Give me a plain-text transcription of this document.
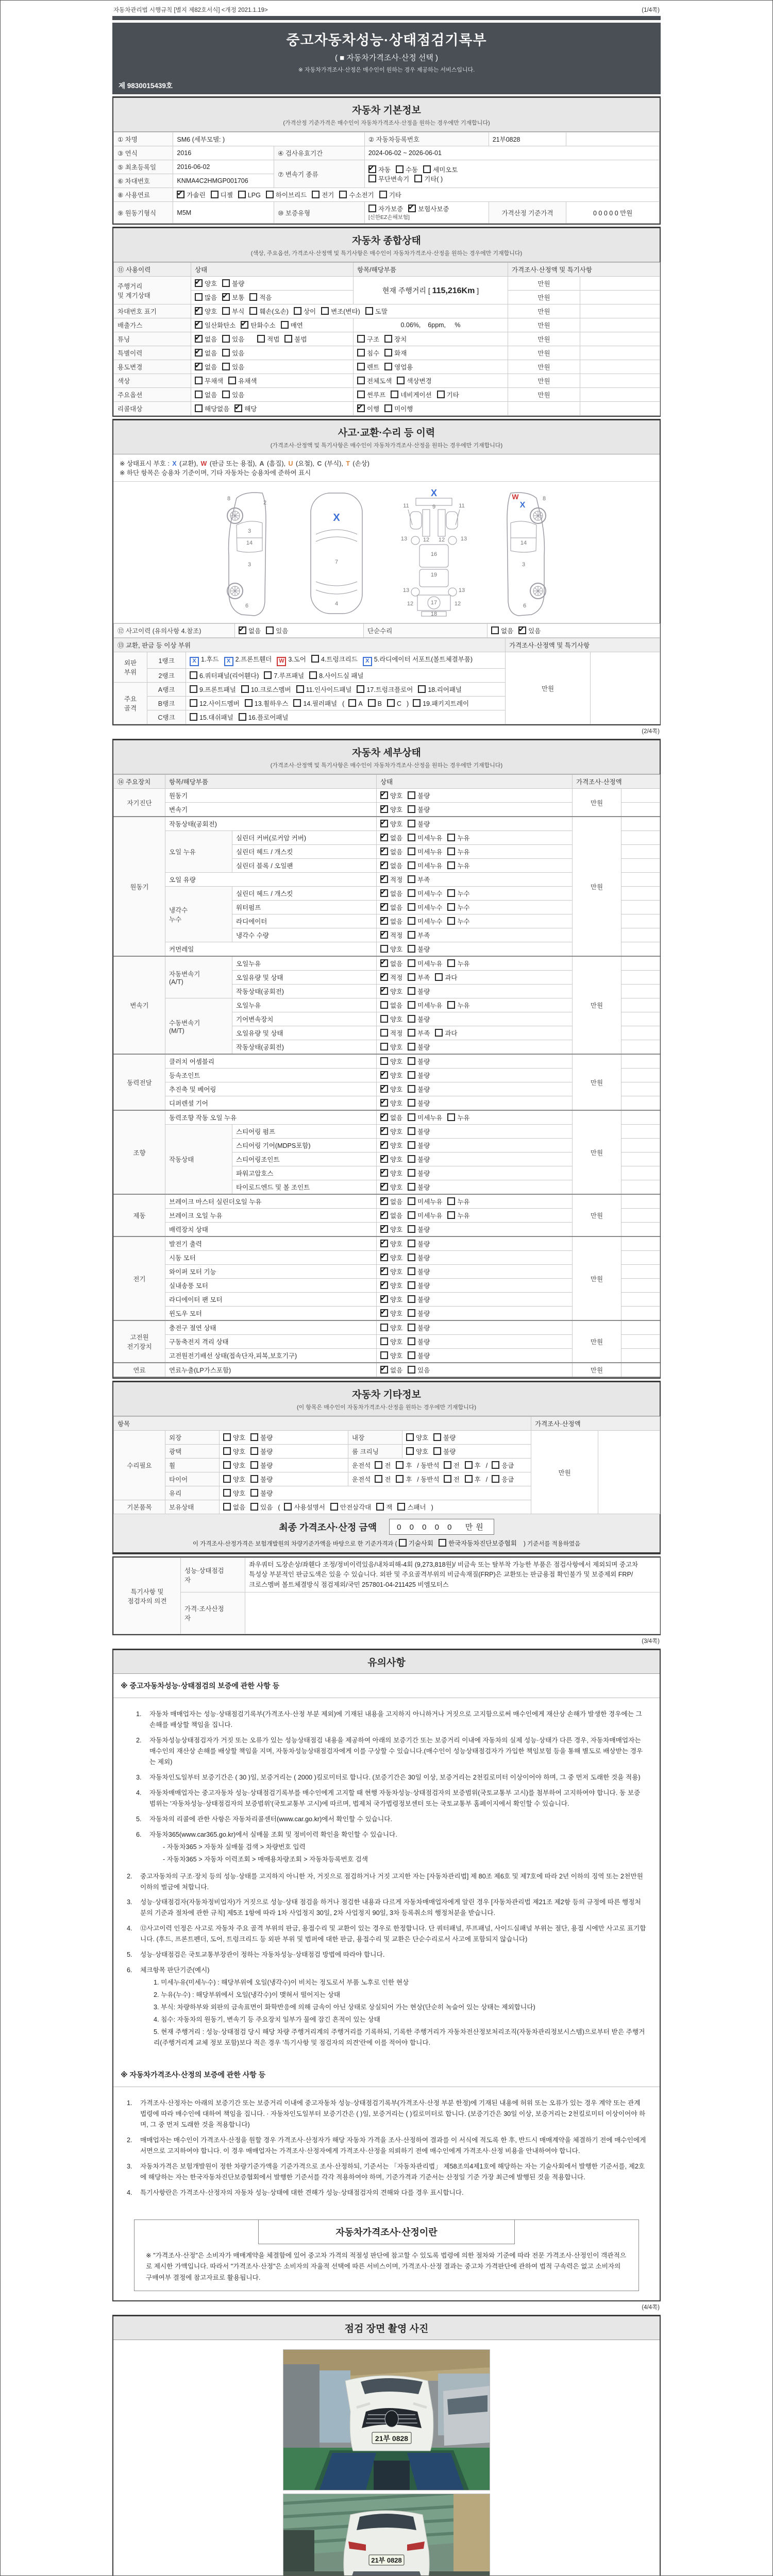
자동차관리법 시행규칙 [별지 제82호서식] <개정 2021.1.19>	(1/4쪽)
중고자동차성능·상태점검기록부
( ■ 자동차가격조사·산정 선택 )
※ 자동차가격조사·산정은 매수인이 원하는 경우 제공하는 서비스입니다.
제 9830015439호
자동차 기본정보
(가격산정 기준가격은 매수인이 자동차가격조사·산정을 원하는 경우에만 기재합니다)
① 차명	SM6 (세부모델: )		② 자동차등록번호	21부0828	
③ 연식	2016	④ 검사유효기간	2024-06-02 ~ 2026-06-01		
⑤ 최초등록일	2016-06-02	⑦ 변속기 종류	✔자동 수동 세미오토
무단변속기 기타( )
⑥ 차대번호	KNMA4C2HMGP001706				
⑧ 사용연료	✔가솔린 디젤 LPG 하이브리드 전기 수소전기 기타
⑨ 원동기형식	M5M	⑩ 보증유형	자가보증 ✔ 보험사보증 [신한EZ손해보험]	가격산정 기준가격	0 0 0 0 0 만원
자동차 종합상태
(색상, 주요옵션, 가격조사·산정액 및 특기사항은 매수인이 자동차가격조사·산정을 원하는 경우에만 기재합니다)
⑪ 사용이력	상태	항목/해당부품	가격조사·산정액 및 특기사항	
주행거리
및 계기상태	✔양호 불량	현재 주행거리 [ 115,216Km ]	만원	
	많음 ✔ 보통 적음		만원	
차대번호 표기	✔양호 부식 훼손(오손) 상이 변조(변타) 도말		만원	
배출가스	✔일산화탄소 ✔ 탄화수소 매연	0.06%,    6ppm,     %	만원	
튜닝	✔없음 있음 적법 불법	구조 장치	만원	
특별이력	✔없음 있음	침수 화재	만원	
용도변경	✔없음 있음	렌트 영업용	만원	
색상	무채색 유채색	전체도색 색상변경	만원	
주요옵션	없음 있음	썬루프 네비게이션 기타	만원	
리콜대상	해당없음 ✔ 해당	✔이행 미이행		
사고·교환·수리 등 이력
(가격조사·산정액 및 특기사항은 매수인이 자동차가격조사·산정을 원하는 경우에만 기재합니다)
※ 상태표시 부호 : X (교환), W (판금 또는 용접), A (흠집), U (요철), C (부식), T (손상)
※ 하단 항목은 승용차 기준이며, 기타 자동차는 승용차에 준하여 표시
2
8
3
14
3
6
X
7
4
X
11	11
9
13	13
12 12
16
19
13	13
12	12
17
18
X
W	8
14
3
6
⑫ 사고이력 (유의사항 4.참조)	✔없음 있음	단순수리	없음 ✔ 있음
⑬ 교환, 판금 등 이상 부위			가격조사·산정액 및 특기사항	
외판
부위	1랭크	X 1.후드 X 2.프론트휀더 W 3.도어 4.트렁크리드 X 5.라디에이터 서포트(볼트체결부품)	만원	
	2랭크	6.쿼터패널(리어휀다) 7.루프패널 8.사이드실 패널		
주요
골격	A랭크	9.프론트패널 10.크로스멤버 11.인사이드패널 17.트렁크플로어 18.리어패널		
	B랭크	12.사이드멤버 13.휠하우스 14.필러패널 ( A B C ) 19.패키지트레이		
	C랭크	15.대쉬패널 16.플로어패널		
(2/4쪽)
자동차 세부상태
(가격조사·산정액 및 특기사항은 매수인이 자동차가격조사·산정을 원하는 경우에만 기재합니다)
⑭ 주요장치	항목/해당부품		상태	가격조사·산정액	
자기진단	원동기	✔양호 불량	만원	
	변속기	✔양호 불량	
원동기	작동상태(공회전)	✔양호 불량	만원	
	오일 누유	실린더 커버(로커암 커버)	✔없음 미세누유 누유	
		실린더 헤드 / 개스킷	✔없음 미세누유 누유	
		실린더 블록 / 오일팬	✔없음 미세누유 누유	
	오일 유량	✔적정 부족	
	냉각수
누수	실린더 헤드 / 개스킷	✔없음 미세누수 누수	
		워터펌프	✔없음 미세누수 누수	
		라디에이터	✔없음 미세누수 누수	
		냉각수 수량	✔적정 부족	
	커먼레일		양호 불량		
변속기	자동변속기
(A/T)	오일누유	✔없음 미세누유 누유	만원	
		오일유량 및 상태	✔적정 부족 과다	
		작동상태(공회전)	✔양호 불량	
	수동변속기
(M/T)	오일누유	없음 미세누유 누유		
		기어변속장치	양호 불량		
		오일유량 및 상태	적정 부족 과다		
		작동상태(공회전)	양호 불량		
동력전달	클러치 어셈블리		양호 불량	만원	
	등속조인트	✔양호 불량	
	추진축 및 베어링	✔양호 불량	
	디퍼렌셜 기어	✔양호 불량	
조향	동력조향 작동 오일 누유	✔없음 미세누유 누유	만원	
	작동상태	스티어링 펌프	✔양호 불량	
		스티어링 기어(MDPS포함)	✔양호 불량	
		스티어링조인트	✔양호 불량	
		파워고압호스	✔양호 불량	
		타이로드엔드 및 볼 조인트	✔양호 불량	
제동	브레이크 마스터 실린더오일 누유	✔없음 미세누유 누유	만원	
	브레이크 오일 누유	✔없음 미세누유 누유	
	배력장치 상태	✔양호 불량	
전기	발전기 출력	✔양호 불량	만원	
	시동 모터	✔양호 불량	
	와이퍼 모터 기능	✔양호 불량	
	실내송풍 모터	✔양호 불량	
	라디에이터 팬 모터	✔양호 불량	
	윈도우 모터	✔양호 불량	
고전원
전기장치	충전구 절연 상태		양호 불량	만원	
	구동축전지 격리 상태		양호 불량		
	고전원전기배선 상태(접속단자,피복,보호기구)		양호 불량		
연료	연료누출(LP가스포함)	✔없음 있음	만원	
자동차 기타정보
(이 항목은 매수인이 자동차가격조사·산정을 원하는 경우에만 기재합니다)
항목					가격조사·산정액	
수리필요	외장	양호 불량	내장	양호 불량	만원	
	광택	양호 불량	룸 크리닝	양호 불량		
	휠	양호 불량	운전석 전 후 / 동반석 전 후 / 응급			
	타이어	양호 불량	운전석 전 후 / 동반석 전 후 / 응급			
	유리	양호 불량				
기본품목	보유상태	없음 있음 ( 사용설명서 안전삼각대 잭 스패너 )				
최종 가격조사·산정 금액	0 0 0 0 0  만원
이 가격조사·산정가격은 보험개발원의 차량기준가액을 바탕으로 한 기준가격과 ( 기술사회 한국자동차진단보증협회 ) 기준서를 적용하였음
특기사항 및
점검자의 의견	성능·상태점검
자	좌우쿼터 도장손상/좌휀다 조정/정비이력있음/내차피해-4회 (9,273,818원)/ 비금속 또는 탈부착 가능한 부품은 점검사항에서 제외되며 중고차 특성상 부분적인 판금도색은 있을 수 있습니다. 외판 및 주요골격부위의 비금속재질(FRP)은 교환또는 판금용접 확인불가 및 보증제외 FRP/크로스멤버 볼트체결방식 점검제외/국민 257801-04-211425 비엠모터스
	가격·조사산정
자	
(3/4쪽)
유의사항
※ 중고자동차성능·상태점검의 보증에 관한 사항 등
1.	자동차 매매업자는 성능·상태점검기록부(가격조사·산정 부분 제외)에 기재된 내용을 고지하지 아니하거나 거짓으로 고지함으로써 매수인에게 재산상 손해가 발생한 경우에는 그 손해를 배상할 책임을 집니다.
2.	자동차성능상태점검자가 거짓 또는 오류가 있는 성능상태점검 내용을 제공하여 아래의 보증기간 또는 보증거리 이내에 자동차의 실제 성능·상태가 다른 경우, 자동차매매업자는 매수인의 재산상 손해를 배상할 책임을 지며, 자동차성능상태점검자에게 이를 구상할 수 있습니다.(매수인이 성능상태점검자가 가입한 책임보험 등을 통해 별도로 배상받는 경우는 제외)
3.	자동차인도일부터 보증기간은 ( 30 )일, 보증거리는 ( 2000 )킬로미터로 합니다. (보증기간은 30일 이상, 보증거리는 2천킬로미터 이상이어야 하며, 그 중 먼저 도래한 것을 적용)
4.	자동차매매업자는 중고자동차 성능·상태점검기록부를 매수인에게 고지할 때 현행 자동차성능·상태점검자의 보증범위(국토교통부 고시)를 첨부하여 고지하여야 합니다. 동 보증범위는 '자동차성능·상태점검자의 보증범위'(국토교통부 고시)에 따르며, 법제처 국가법령정보센터 또는 국토교통부 홈페이지에서 확인할 수 있습니다.
5.	자동차의 리콜에 관한 사항은 자동차리콜센터(www.car.go.kr)에서 확인할 수 있습니다.
6.	자동차365(www.car365.go.kr)에서 실매물 조회 및 정비이력 확인을 확인할 수 있습니다.
- 자동차365 > 자동차 실매물 검색 > 차량번호 입력
- 자동차365 > 자동차 이력조회 > 매매용차량조회 > 자동차등록번호 검색
2.	중고자동차의 구조·장치 등의 성능·상태를 고지하지 아니한 자, 거짓으로 점검하거나 거짓 고지한 자는 [자동차관리법] 제 80조 제6호 및 제7호에 따라 2년 이하의 징역 또는 2천만원 이하의 벌금에 처합니다.
3.	성능·상태점검자(자동차정비업자)가 거짓으로 성능·상태 점검을 하거나 점검한 내용과 다르게 자동차매매업자에게 알린 경우 [자동차관리법 제21조 제2항 등의 규정에 따른 행정처분의 기준과 절차에 관한 규칙] 제5조 1항에 따라 1차 사업정지 30일, 2차 사업정지 90일, 3차 등록취소의 행정처분을 받습니다.
4.	⑫사고이력 인정은 사고로 자동차 주요 골격 부위의 판금, 용접수리 및 교환이 있는 경우로 한정합니다. 단 쿼터패널, 루프패널, 사이드실패널 부위는 절단, 용접 시에만 사고로 표기합니다. (후드, 프론트펜더, 도어, 트렁크리드 등 외판 부위 및 범퍼에 대한 판금, 용접수리 및 교환은 단순수리로서 사고에 포함되지 않습니다)
5.	성능·상태점검은 국토교통부장관이 정하는 자동차성능·상태점검 방법에 따라야 합니다.
6.	체크항목 판단기준(예시)
1. 미세누유(미세누수) : 해당부위에 오일(냉각수)이 비치는 정도로서 부품 노후로 인한 현상
2. 누유(누수) : 해당부위에서 오일(냉각수)이 맺혀서 떨어지는 상태
3. 부식: 차량하부와 외판의 금속표면이 화학반응에 의해 금속이 아닌 상태로 상실되어 가는 현상(단순히 녹슬어 있는 상태는 제외합니다)
4. 침수: 자동차의 원동기, 변속기 등 주요장치 일부가 물에 잠긴 흔적이 있는 상태
5. 현재 주행거리 : 성능·상태점검 당시 해당 차량 주행거리계의 주행거리를 기록하되, 기록한 주행거리가 자동차전산정보처리조직(자동차관리정보시스템)으로부터 받은 주행거리(주행거리계 교체 정보 포함)보다 적은 경우 '특기사항 및 점검자의 의견'란에 이를 적어야 합니다.
※ 자동차가격조사·산정의 보증에 관한 사항 등
1.	가격조사·산정자는 아래의 보증기간 또는 보증거리 이내에 중고자동차 성능·상태점검기록부(가격조사·산정 부분 한정)에 기재된 내용에 허위 또는 오류가 있는 경우 계약 또는 관계법령에 따라 매수인에 대하여 책임을 집니다. · 자동차인도일부터 보증기간은 ( )일, 보증거리는 ( )킬로미터로 합니다. (보증기간은 30일 이상, 보증거리는 2천킬로미터 이상이어야 하며, 그 중 먼저 도래한 것을 적용합니다)
2.	매매업자는 매수인이 가격조사·산정을 원할 경우 가격조사·산정자가 해당 자동차 가격을 조사·산정하여 결과를 이 서식에 적도록 한 후, 반드시 매매계약을 체결하기 전에 매수인에게 서면으로 고지하여야 합니다. 이 경우 매매업자는 가격조사·산정자에게 가격조사·산정을 의뢰하기 전에 매수인에게 가격조사·산정 비용을 안내하여야 합니다.
3.	자동차가격은 보험개발원이 정한 차량기준가액을 기준가격으로 조사·산정하되, 기준서는 「자동차관리법」 제58조의4제1호에 해당하는 자는 기술사회에서 발행한 기준서를, 제2호에 해당하는 자는 한국자동차진단보증협회에서 발행한 기준서를 각각 적용하여야 하며, 기준가격과 기준서는 산정일 기준 가장 최근에 발행된 것을 적용합니다.
4.	특기사항란은 가격조사·산정자의 자동차 성능·상태에 대한 견해가 성능·상태점검자의 견해와 다를 경우 표시합니다.
자동차가격조사·산정이란
※ "가격조사·산정"은 소비자가 매매계약을 체결함에 있어 중고차 가격의 적절성 판단에 참고할 수 있도록 법령에 의한 절차와 기준에 따라 전문 가격조사·산정인이 객관적으로 제시한 가액입니다. 따라서 "가격조사·산정"은 소비자의 자율적 선택에 따른 서비스이며, 가격조사·산정 결과는 중고차 가격판단에 관하여 법적 구속력은 없고 소비자의 구매여부 결정에 참고자료로 활용됩니다.
(4/4쪽)
점검 장면 촬영 사진
21부 0828
21부 0828
